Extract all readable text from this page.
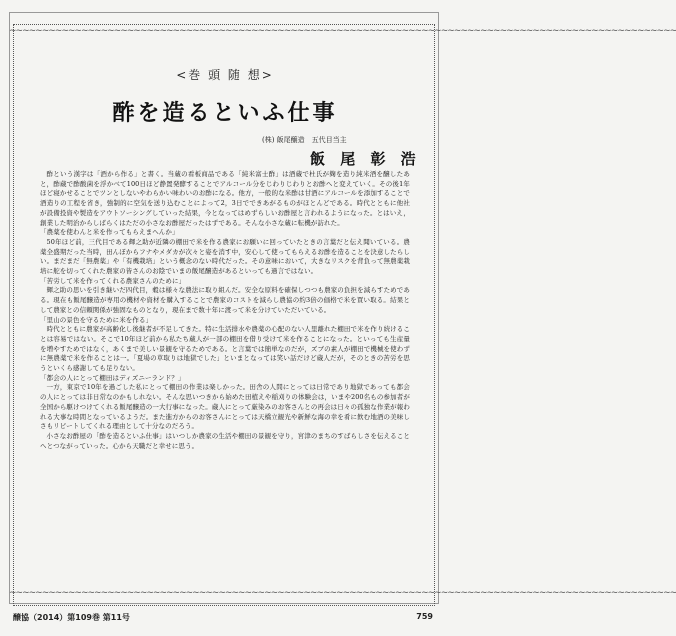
~~~~~~~~~~~~~~~~~~~~~~~~~~~~~~~~~~~~~~~~~~~~~~~~~~~~~~~~~~~~~~~~~~~~~~~~~~~~~~~~~~~~~~~~~~~~~~~~~~~~~~
~~~~~~~~~~~~~~~~~~~~~~~~~~~~~~~~~~~~~~~~~~~~~~~~~~~~~~~~~~~~~~~~~~~~~~~~~~~~~~~~~~~~~~~~~~~~~~~~~~~~~~
<巻 頭 随 想>
酢を造るといふ仕事
(株) 飯尾醸造　五代目当主
飯 尾 彰 浩

酢という漢字は「酒から作る」と書く。当蔵の看板商品である「純米富士酢」は酒蔵で杜氏が麹を造り純米酒を醸したあと，酢蔵で酢酸菌を浮かべて100日ほど静置発酵することでアルコール分をじわりじわりとお酢へと変えていく。その後1年ほど寝かせることでツンとしないやわらかい味わいのお酢になる。他方，一般的な米酢は甘酒にアルコールを添加することで酒造りの工程を省き，強制的に空気を送り込むことによって2，3日でできあがるものがほとんどである。時代とともに他社が設備投資や製造をアウトソーシングしていった結果，今となってはめずらしいお酢屋と言われるようになった。とはいえ，創業した明治からしばらくはただの小さなお酢屋だったはずである。そんな小さな蔵に転機が訪れた。

「農薬を使わんと米を作ってもらえまへんか」

50年ほど前，三代目である輝之助が近隣の棚田で米を作る農家にお願いに回っていたときの言葉だと伝え聞いている。農薬全盛期だった当時，田んぼからフナやメダカが次々と姿を消す中，安心して使ってもらえるお酢を造ることを決意したらしい。まだまだ「無農薬」や「有機栽培」という概念のない時代だった。その意味において，大きなリスクを背負って無農薬栽培に舵を切ってくれた農家の皆さんのお陰でいまの飯尾醸造があるといっても過言ではない。

「苦労して米を作ってくれる農家さんのために」

輝之助の思いを引き継いだ四代目，穀は様々な農法に取り組んだ。安全な原料を確保しつつも農家の負担を減らすためである。現在も飯尾醸造が専用の機材や資材を購入することで農家のコストを減らし農協の約3倍の価格で米を買い取る。結果として農家との信頼関係が強固なものとなり，現在まで数十年に渡って米を分けていただいている。

「里山の景色を守るために米を作る」

時代とともに農家が高齢化し後継者が不足してきた。特に生活排水や農薬の心配のない人里離れた棚田で米を作り続けることは容易ではない。そこで10年ほど前から私たち蔵人が一部の棚田を借り受けて米を作ることになった。といっても生産量を増やすためではなく，あくまで美しい景観を守るためである。と言葉では簡単なのだが，ズブの素人が棚田で機械を使わずに無農薬で米を作ることは一。「夏場の草取りは地獄でした」といまとなっては笑い話だけど蔵人だが，そのときの苦労を思うといくら感謝しても足りない。

「都会の人にとって棚田はディズニーランド？」

一方，東京で10年を過ごした私にとって棚田の作業は楽しかった。田舎の人間にとっては日常であり地獄であっても都会の人にとっては非日常なのかもしれない。そんな思いつきから始めた田植えや稲刈りの体験会は，いまや200名もの参加者が全国から駆けつけてくれる飯尾醸造の一大行事になった。蔵人にとって厳染みのお客さんとの再会は日々の孤独な作業が報われる大事な時間となっているようだ。また進方からのお客さんにとっては天橋立観光や新鮮な海の幸を肴に飲む地酒の美味しさもリピートしてくれる理由として十分なのだろう。

小さなお酢屋の「酢を造るといふ仕事」はいつしか農家の生活や棚田の景観を守り，宮津のまちのすばらしさを伝えることへとつながっていった。心から天職だと幸せに思う。

醸協（2014）第109巻 第11号	759
